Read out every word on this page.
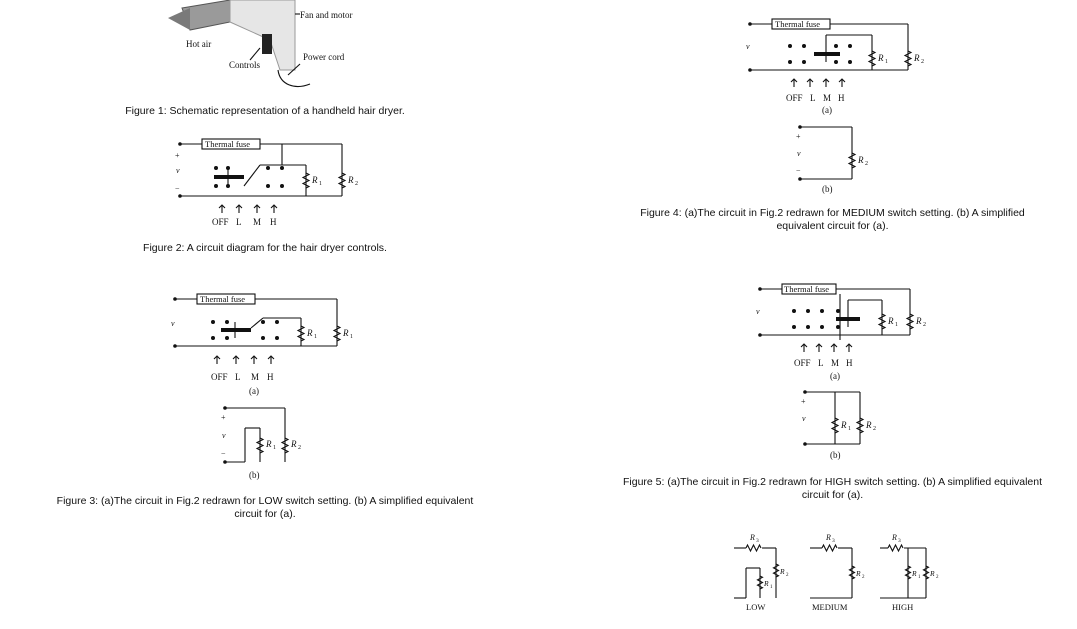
Fan and motor
Hot air
Controls
Power cord
Figure 1: Schematic representation of a handheld hair dryer.
Thermal fuse
+
v
−
R 1	R 2
OFF L M H
Figure 2: A circuit diagram for the hair dryer controls.
Thermal fuse
v
R 1	R 1
OFF L M H
(a)
+
v
−
R 1 R 2
(b)
Figure 3: (a)The circuit in Fig.2 redrawn for LOW switch setting. (b) A simplified equivalent
circuit for (a).
Thermal fuse
v
R 1	R 2
OFF L M H
(a)
+
v
−
R 2
(b)
Figure 4: (a)The circuit in Fig.2 redrawn for MEDIUM switch setting. (b) A simplified
equivalent circuit for (a).
Thermal fuse
v
R 1 R 2
OFF L M H
(a)
+
v
R 1 R 2
(b)
Figure 5: (a)The circuit in Fig.2 redrawn for HIGH switch setting. (b) A simplified equivalent
circuit for (a).
R 3
R 1
R 2
LOW
R 3
R 2
MEDIUM
R 3
R 1 R 2
HIGH
